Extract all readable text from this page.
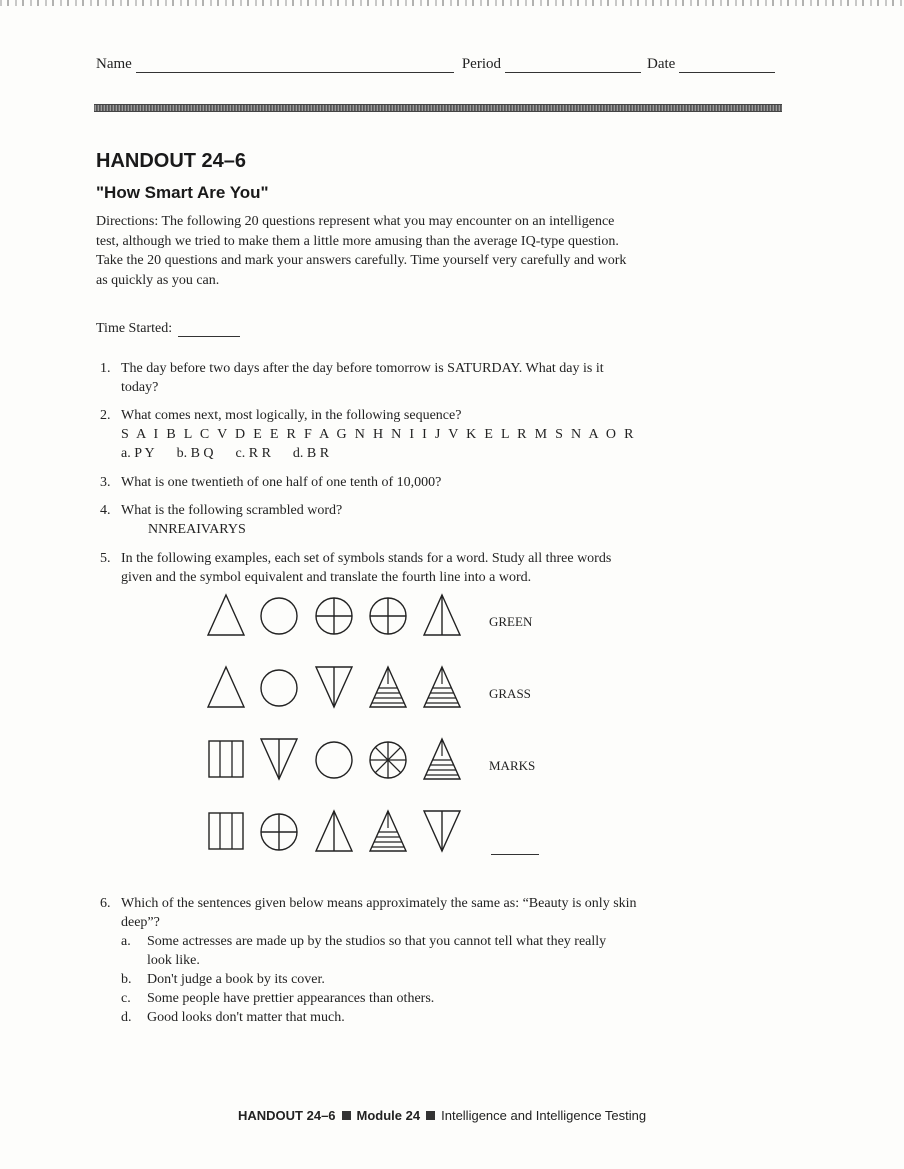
Name	Period	Date
HANDOUT 24–6
"How Smart Are You"

Directions: The following 20 questions represent what you may encounter on an intelligence test, although we tried to make them a little more amusing than the average IQ-type question. Take the 20 questions and mark your answers carefully. Time yourself very carefully and work as quickly as you can.

Time Started:
1. The day before two days after the day before tomorrow is SATURDAY. What day is it today?
2. What comes next, most logically, in the following sequence?
S A I B L C V D E E R F A G N H N I I J V K E L R M S N A O R
a. P Y b. B Q c. R R d. B R
3. What is one twentieth of one half of one tenth of 10,000?
4. What is the following scrambled word?
NNREAIVARYS
5. In the following examples, each set of symbols stands for a word. Study all three words given and the symbol equivalent and translate the fourth line into a word.
GREEN
GRASS
MARKS
6. Which of the sentences given below means approximately the same as: “Beauty is only skin deep”?
a. Some actresses are made up by the studios so that you cannot tell what they really look like.
b. Don't judge a book by its cover.
c. Some people have prettier appearances than others.
d. Good looks don't matter that much.
HANDOUT 24–6 Module 24 Intelligence and Intelligence Testing
